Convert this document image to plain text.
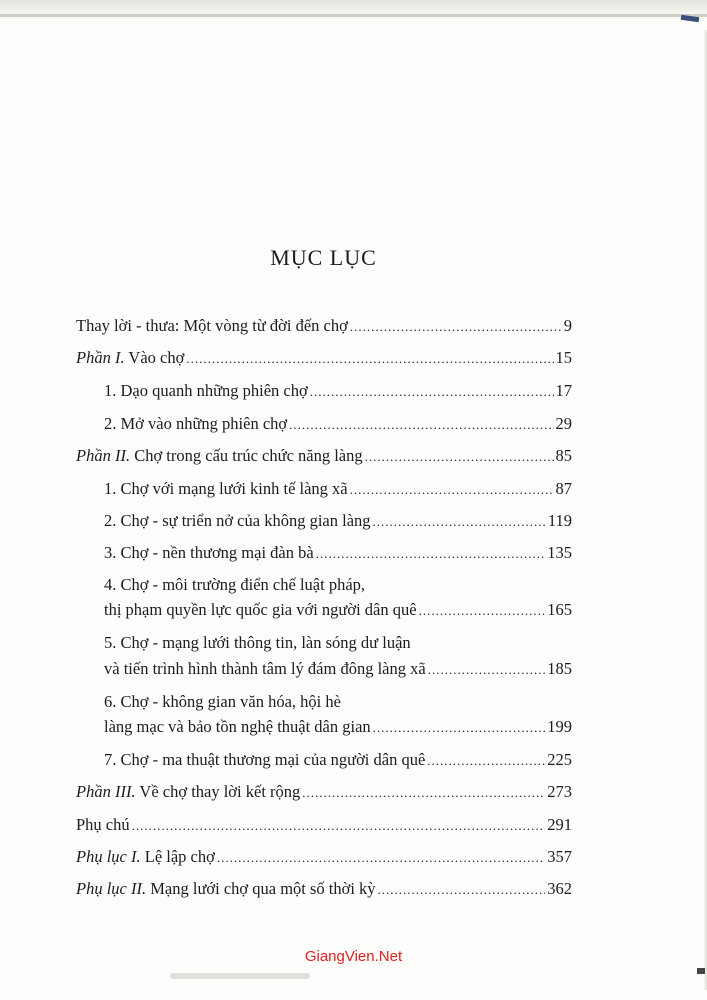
MỤC LỤC
Thay lời - thưa: Một vòng từ đời đến chợ .....	9
Phần I. Vào chợ .....	15
1. Dạo quanh những phiên chợ .....	17
2. Mở vào những phiên chợ .....	29
Phần II. Chợ trong cấu trúc chức năng làng .....	85
1. Chợ với mạng lưới kinh tế làng xã .....	87
2. Chợ - sự triển nở của không gian làng .....	119
3. Chợ - nền thương mại đàn bà .....	135
4. Chợ - môi trường điển chế luật pháp,
thị phạm quyền lực quốc gia với người dân quê .....	165
5. Chợ - mạng lưới thông tin, làn sóng dư luận
và tiến trình hình thành tâm lý đám đông làng xã .....	185
6. Chợ - không gian văn hóa, hội hè
làng mạc và bảo tồn nghệ thuật dân gian .....	199
7. Chợ - ma thuật thương mại của người dân quê .....	225
Phần III. Về chợ thay lời kết rộng .....	273
Phụ chú .....	291
Phụ lục I. Lệ lập chợ .....	357
Phụ lục II. Mạng lưới chợ qua một số thời kỳ .....	362
GiangVien.Net
